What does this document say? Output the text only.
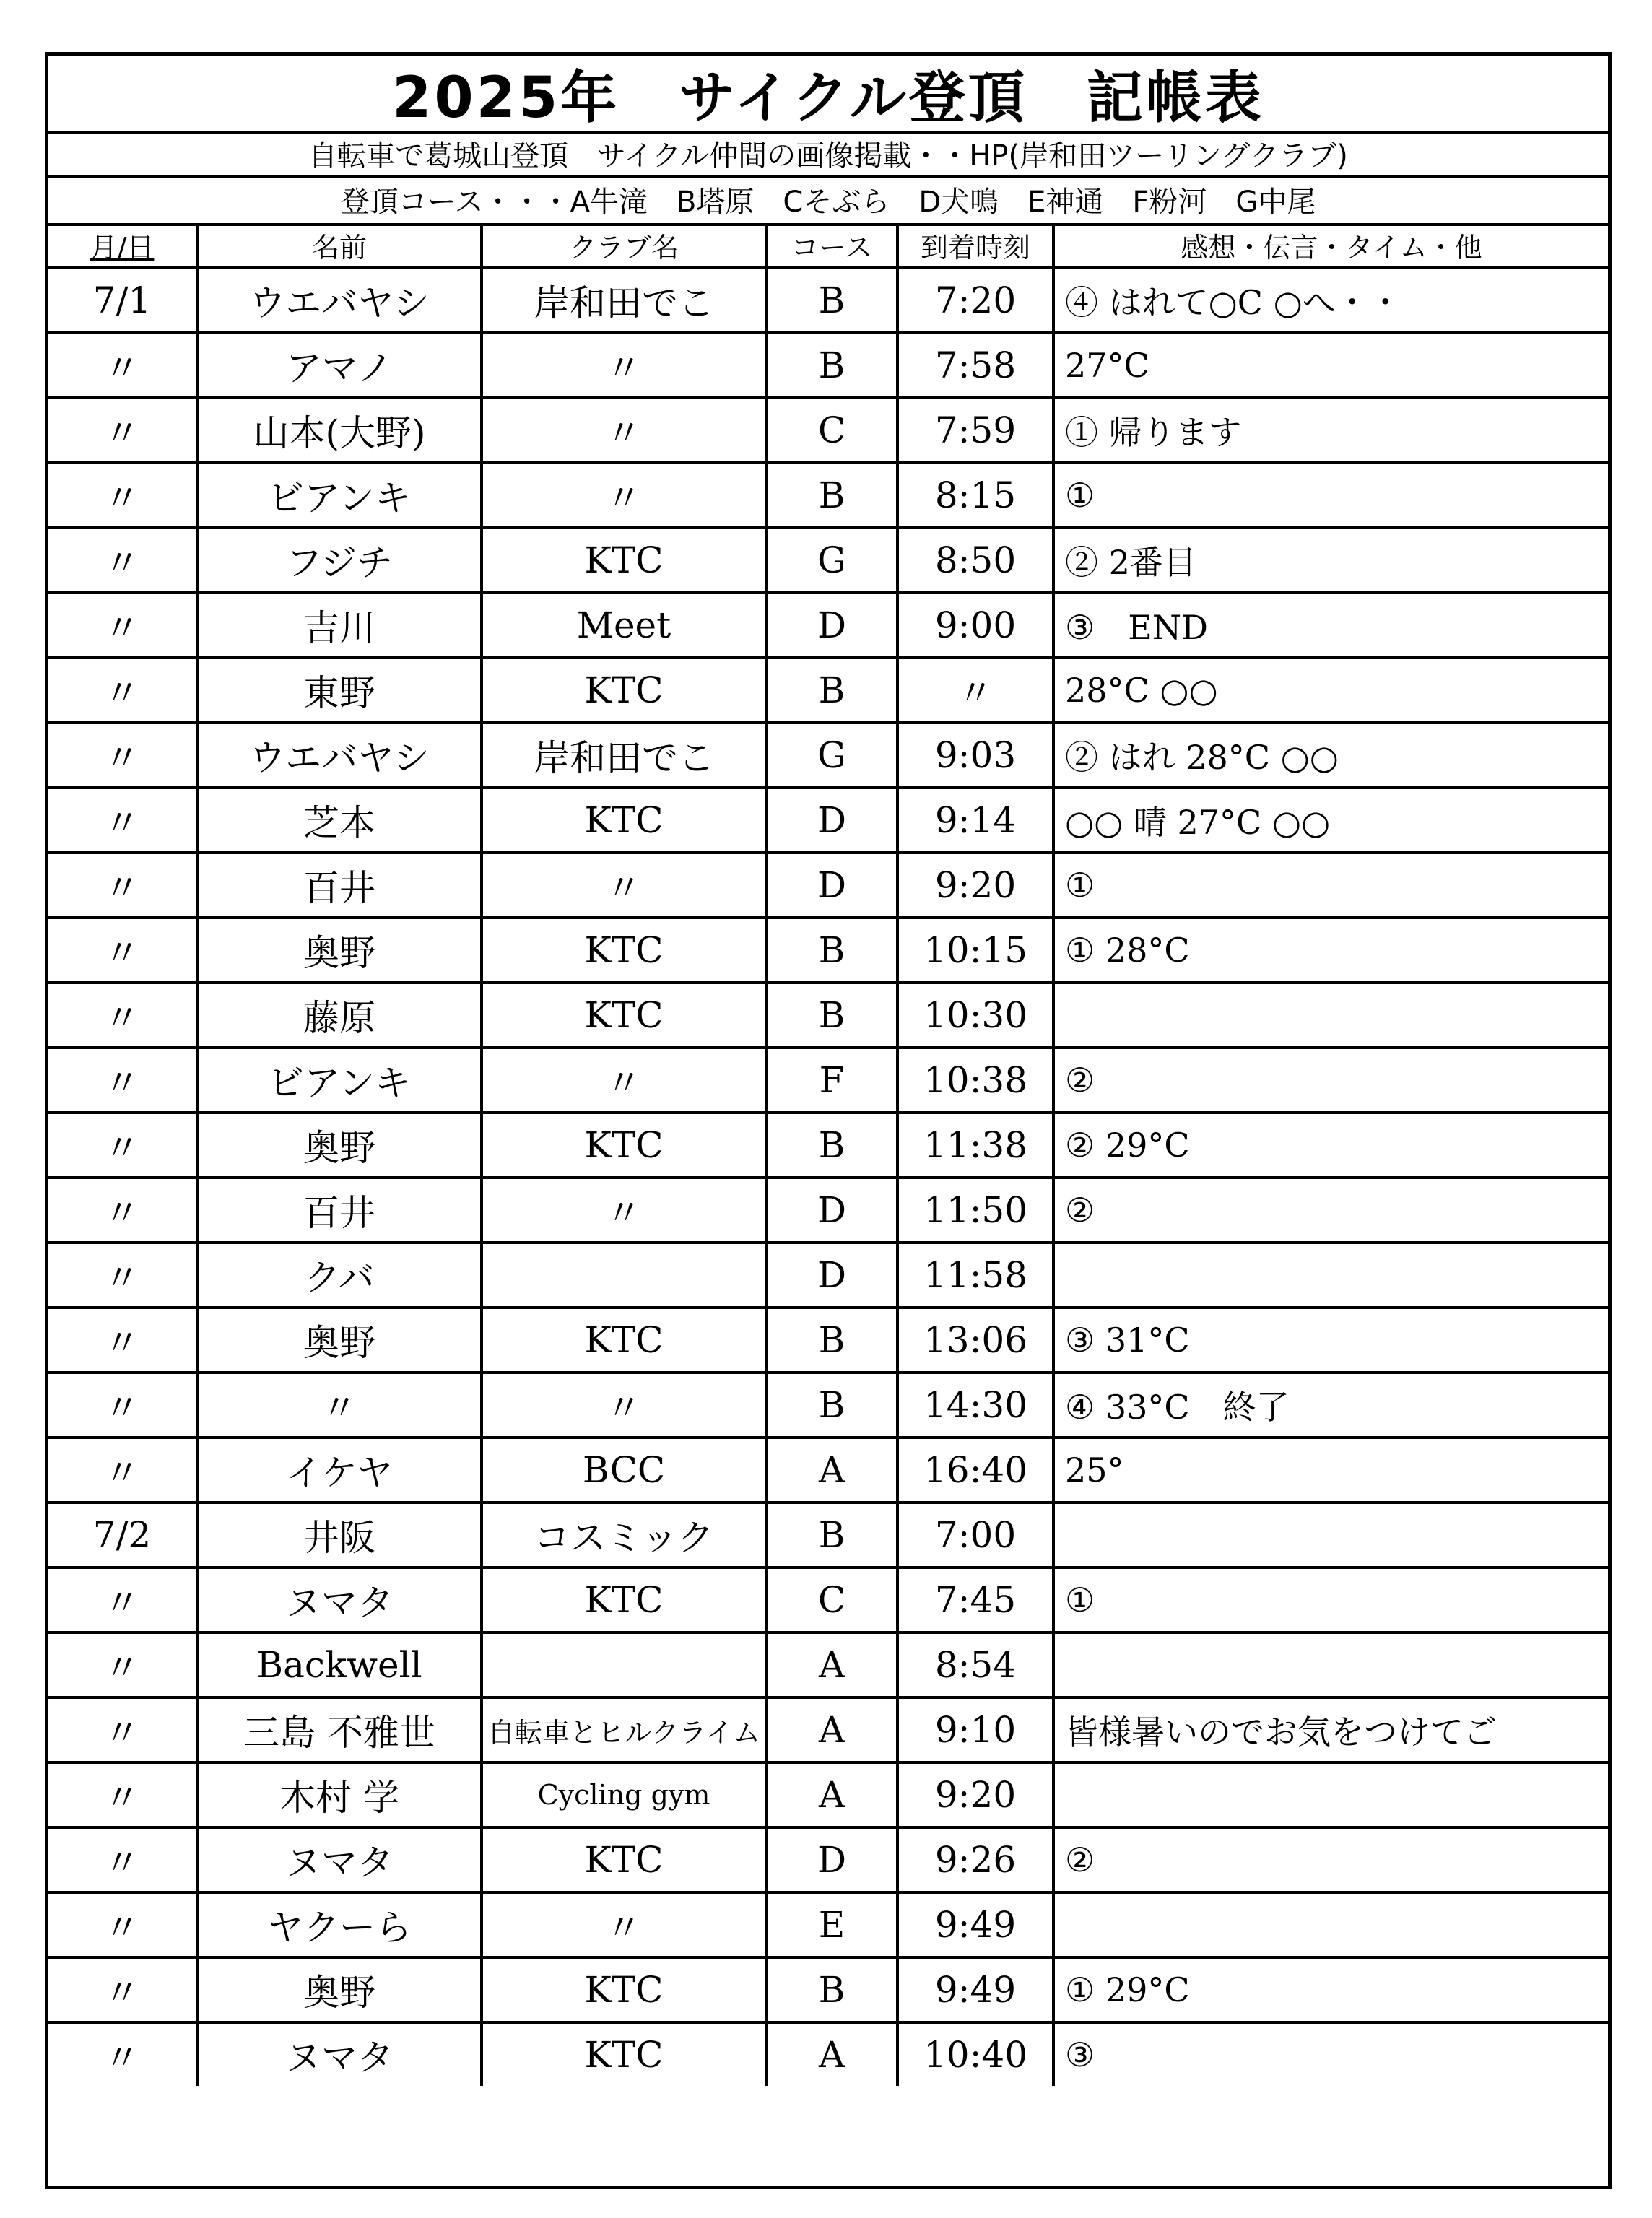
2025年　サイクル登頂　記帳表
自転車で葛城山登頂　サイクル仲間の画像掲載・・HP(岸和田ツーリングクラブ)
登頂コース・・・A牛滝　B塔原　Cそぶら　D犬鳴　E神通　F粉河　G中尾
月/日	名前	クラブ名	コース	到着時刻	感想・伝言・タイム・他
7/1	ウエバヤシ	岸和田でこ	B	7:20	④ はれて○C ○へ・・
〃	アマノ	〃	B	7:58	27°C
〃	山本(大野)	〃	C	7:59	① 帰ります
〃	ビアンキ	〃	B	8:15	①
〃	フジチ	KTC	G	8:50	② 2番目
〃	吉川	Meet	D	9:00	③　END
〃	東野	KTC	B	〃	28°C ○○
〃	ウエバヤシ	岸和田でこ	G	9:03	② はれ 28°C ○○
〃	芝本	KTC	D	9:14	○○ 晴 27°C ○○
〃	百井	〃	D	9:20	①
〃	奥野	KTC	B	10:15	① 28°C
〃	藤原	KTC	B	10:30	
〃	ビアンキ	〃	F	10:38	②
〃	奥野	KTC	B	11:38	② 29°C
〃	百井	〃	D	11:50	②
〃	クバ		D	11:58	
〃	奥野	KTC	B	13:06	③ 31°C
〃	〃	〃	B	14:30	④ 33°C　終了
〃	イケヤ	BCC	A	16:40	25°
7/2	井阪	コスミック	B	7:00	
〃	ヌマタ	KTC	C	7:45	①
〃	Backwell		A	8:54	
〃	三島 不雅世	自転車とヒルクライム	A	9:10	皆様暑いのでお気をつけてご
〃	木村 学	Cycling gym	A	9:20	
〃	ヌマタ	KTC	D	9:26	②
〃	ヤクーら	〃	E	9:49	
〃	奥野	KTC	B	9:49	① 29°C
〃	ヌマタ	KTC	A	10:40	③
